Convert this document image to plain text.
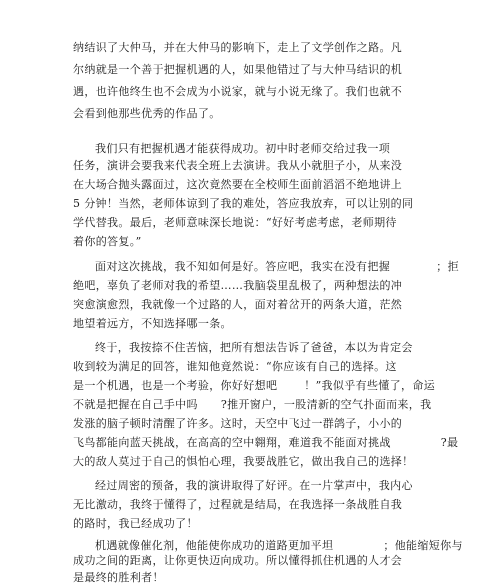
纳结识了大仲马，并在大仲马的影响下，走上了文学创作之路。凡
尔纳就是一个善于把握机遇的人，如果他错过了与大仲马结识的机
遇，也许他终生也不会成为小说家，就与小说无缘了。我们也就不
会看到他那些优秀的作品了。
我们只有把握机遇才能获得成功。初中时老师交给过我一项
任务，演讲会要我来代表全班上去演讲。我从小就胆子小，从来没
在大场合抛头露面过，这次竟然要在全校师生面前滔滔不绝地讲上
5 分钟！当然，老师体谅到了我的难处，答应我放弃，可以让别的同
学代替我。最后，老师意味深长地说：“好好考虑考虑，老师期待
着你的答复。”
面对这次挑战，我不知如何是好。答应吧，我实在没有把握            ；拒
绝吧，辜负了老师对我的希望……我脑袋里乱极了，两种想法的冲
突愈演愈烈，我就像一个过路的人，面对着岔开的两条大道，茫然
地望着远方，不知选择哪一条。
终于，我按捺不住苦恼，把所有想法告诉了爸爸，本以为肯定会
收到较为满足的回答，谁知他竟然说：“你应该有自己的选择。这
是一个机遇，也是一个考验，你好好想吧       ！”我似乎有些懂了，命运
不就是把握在自己手中吗      ?推开窗户，一股清新的空气扑面而来，我
发涨的脑子顿时清醒了许多。这时，天空中飞过一群鸽子，小小的
飞鸟都能向蓝天挑战，在高高的空中翱翔，难道我不能面对挑战             ?最
大的敌人莫过于自己的惧怕心理，我要战胜它，做出我自己的选择！
经过周密的预备，我的演讲取得了好评。在一片掌声中，我内心
无比激动，我终于懂得了，过程就是结局，在我选择一条战胜自我
的路时，我已经成功了！
机遇就像催化剂，他能使你成功的道路更加平坦             ；他能缩短你与
成功之间的距离，让你更快迈向成功。所以懂得抓住机遇的人才会
是最终的胜利者！
